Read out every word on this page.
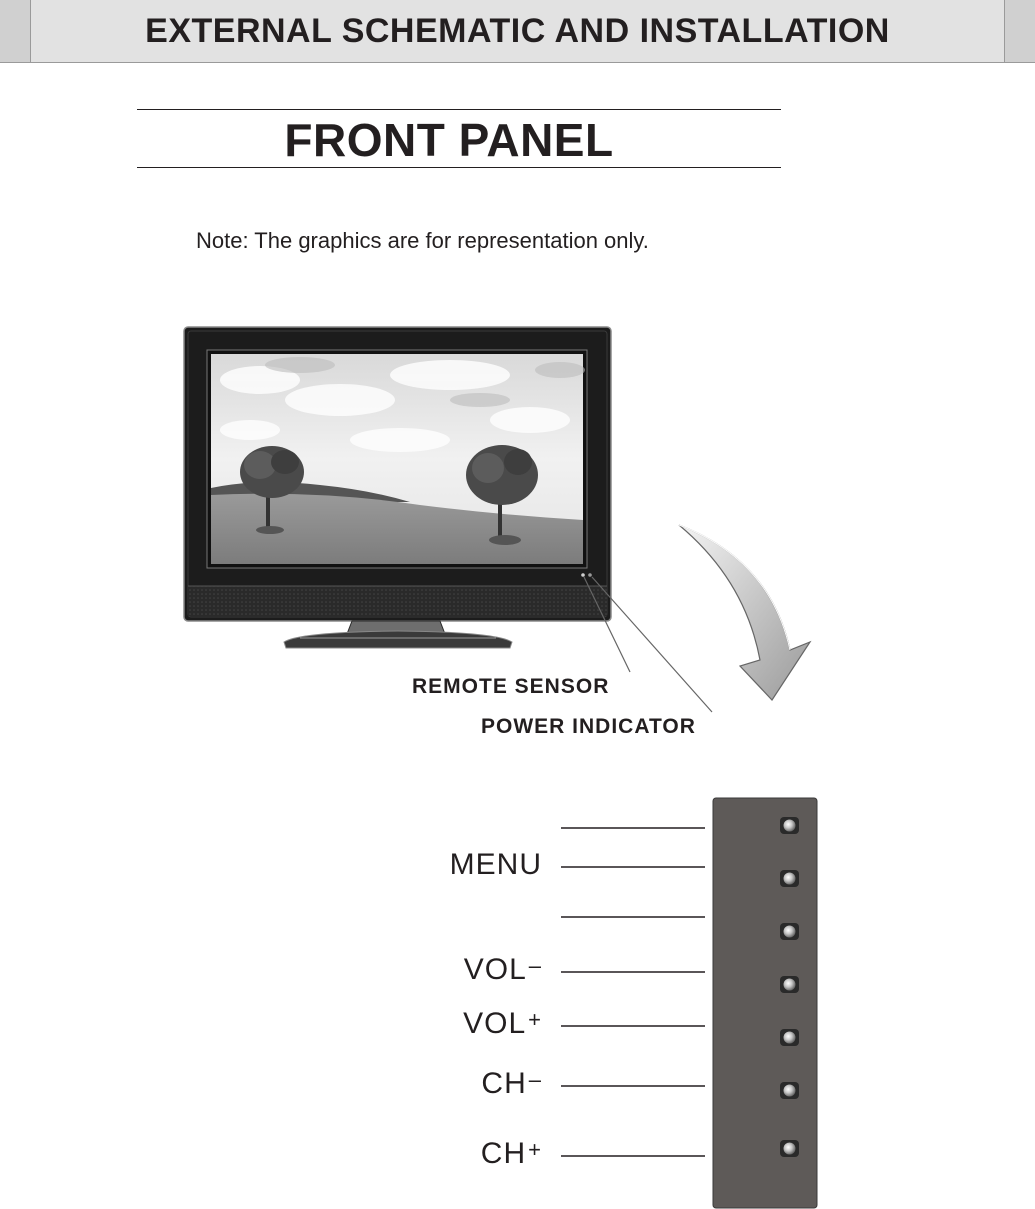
EXTERNAL SCHEMATIC AND INSTALLATION
FRONT PANEL
Note: The graphics are for representation only.
REMOTE SENSOR
POWER INDICATOR
MENU
VOL–
VOL+
CH–
CH+
